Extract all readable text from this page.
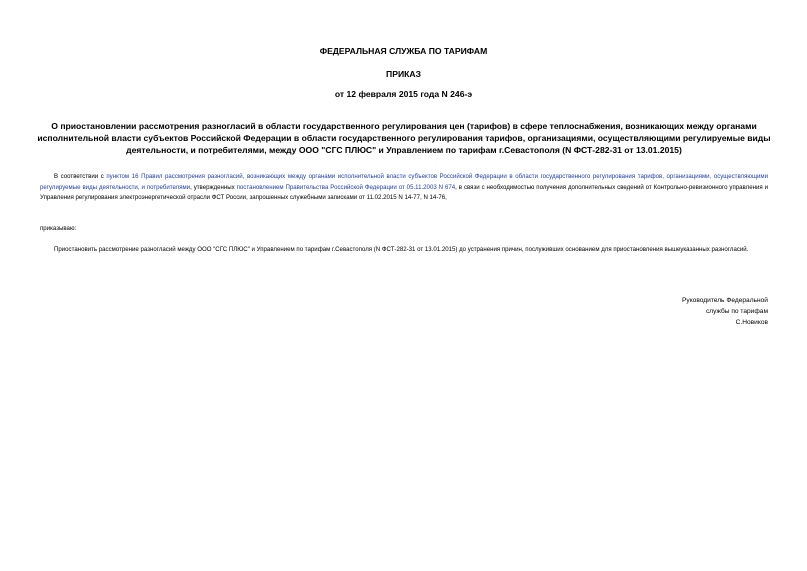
ФЕДЕРАЛЬНАЯ СЛУЖБА ПО ТАРИФАМ
ПРИКАЗ
от 12 февраля 2015 года N 246-э
О приостановлении рассмотрения разногласий в области государственного регулирования цен (тарифов) в сфере теплоснабжения, возникающих между органами исполнительной власти субъектов Российской Федерации в области государственного регулирования тарифов, организациями, осуществляющими регулируемые виды деятельности, и потребителями, между ООО "СГС ПЛЮС" и Управлением по тарифам г.Севастополя (N ФСТ-282-31 от 13.01.2015)
В соответствии с пунктом 16 Правил рассмотрения разногласий, возникающих между органами исполнительной власти субъектов Российской Федерации в области государственного регулирования тарифов, организациями, осуществляющими регулируемые виды деятельности, и потребителями, утвержденных постановлением Правительства Российской Федерации от 05.11.2003 N 674, в связи с необходимостью получения дополнительных сведений от Контрольно-ревизионного управления и Управления регулирования электроэнергетической отрасли ФСТ России, запрошенных служебными записками от 11.02.2015 N 14-77, N 14-76,
приказываю:
Приостановить рассмотрение разногласий между ООО "СГС ПЛЮС" и Управлением по тарифам г.Севастополя (N ФСТ-282-31 от 13.01.2015) до устранения причин, послуживших основанием для приостановления вышеуказанных разногласий.
Руководитель Федеральной
службы по тарифам
С.Новиков
